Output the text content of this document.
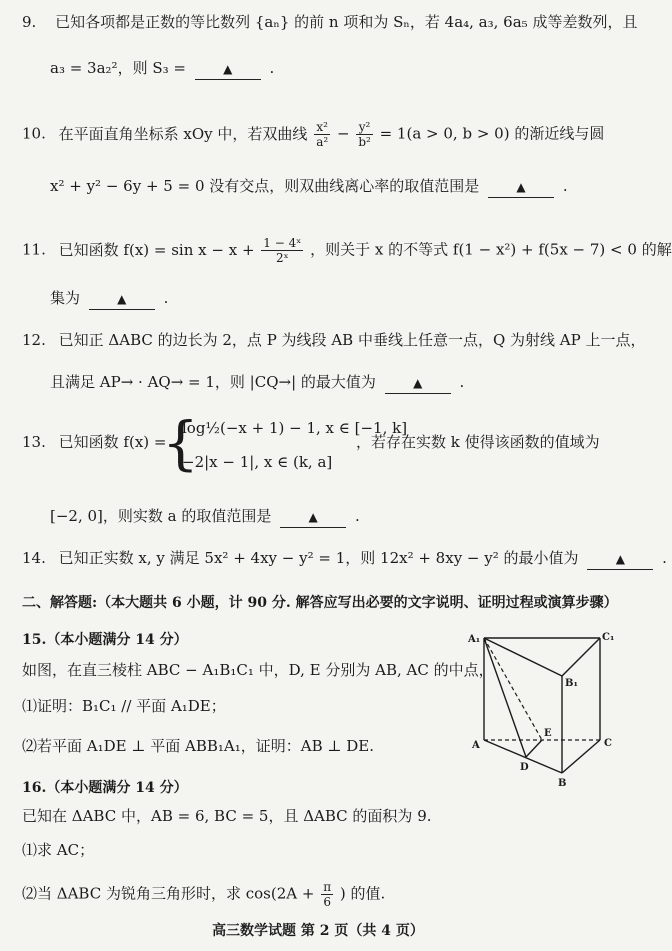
9. 已知各项都是正数的等比数列 {aₙ} 的前 n 项和为 Sₙ，若 4a₄, a₃, 6a₅ 成等差数列，且
a₃ = 3a₂²，则 S₃ =	▲ .
10. 在平面直角坐标系 xOy 中，若双曲线 $\frac{\text{x²}}{\text{a²}} - \frac{\text{y²}}{\text{b²}} = 1(a > 0$, b > 0) 的渐近线与圆
x² + y² − 6y + 5 = 0 没有交点，则双曲线离心率的取值范围是	▲ .
11. 已知函数 $f(x) = \sin x - x + \frac{\text{1 − 4ˣ}}{\text{2ˣ}}$ ，则关于 x 的不等式 f(1 − x²) + f(5x − 7) < 0 的解
集为	▲ .
12. 已知正 ΔABC 的边长为 2，点 P 为线段 AB 中垂线上任意一点，Q 为射线 AP 上一点，
且满足 AP→ · AQ→ = 1，则 |CQ→| 的最大值为	▲ .
13. 已知函数 f(x) =
{
log½(−x + 1) − 1, x ∈ [−1, k]
−2|x − 1|, x ∈ (k, a]
，若存在实数 k 使得该函数的值域为
[−2, 0]，则实数 a 的取值范围是	▲ .
14. 已知正实数 x, y 满足 5x² + 4xy − y² = 1，则 12x² + 8xy − y² 的最小值为	▲ .
二、解答题:（本大题共 6 小题，计 90 分. 解答应写出必要的文字说明、证明过程或演算步骤）
15.（本小题满分 14 分）
如图，在直三棱柱 ABC − A₁B₁C₁ 中，D, E 分别为 AB, AC 的中点，
⑴证明：B₁C₁ // 平面 A₁DE；
⑵若平面 A₁DE ⊥ 平面 ABB₁A₁，证明：AB ⊥ DE.
A₁	C₁
B₁
E
C
A
D
B
16.（本小题满分 14 分）
已知在 ΔABC 中，AB = 6, BC = 5，且 ΔABC 的面积为 9.
⑴求 AC；
⑵当 ΔABC 为锐角三角形时，求 $\cos(2A + \frac{\pi}{6}$ ) 的值.
高三数学试题 第 2 页（共 4 页）
